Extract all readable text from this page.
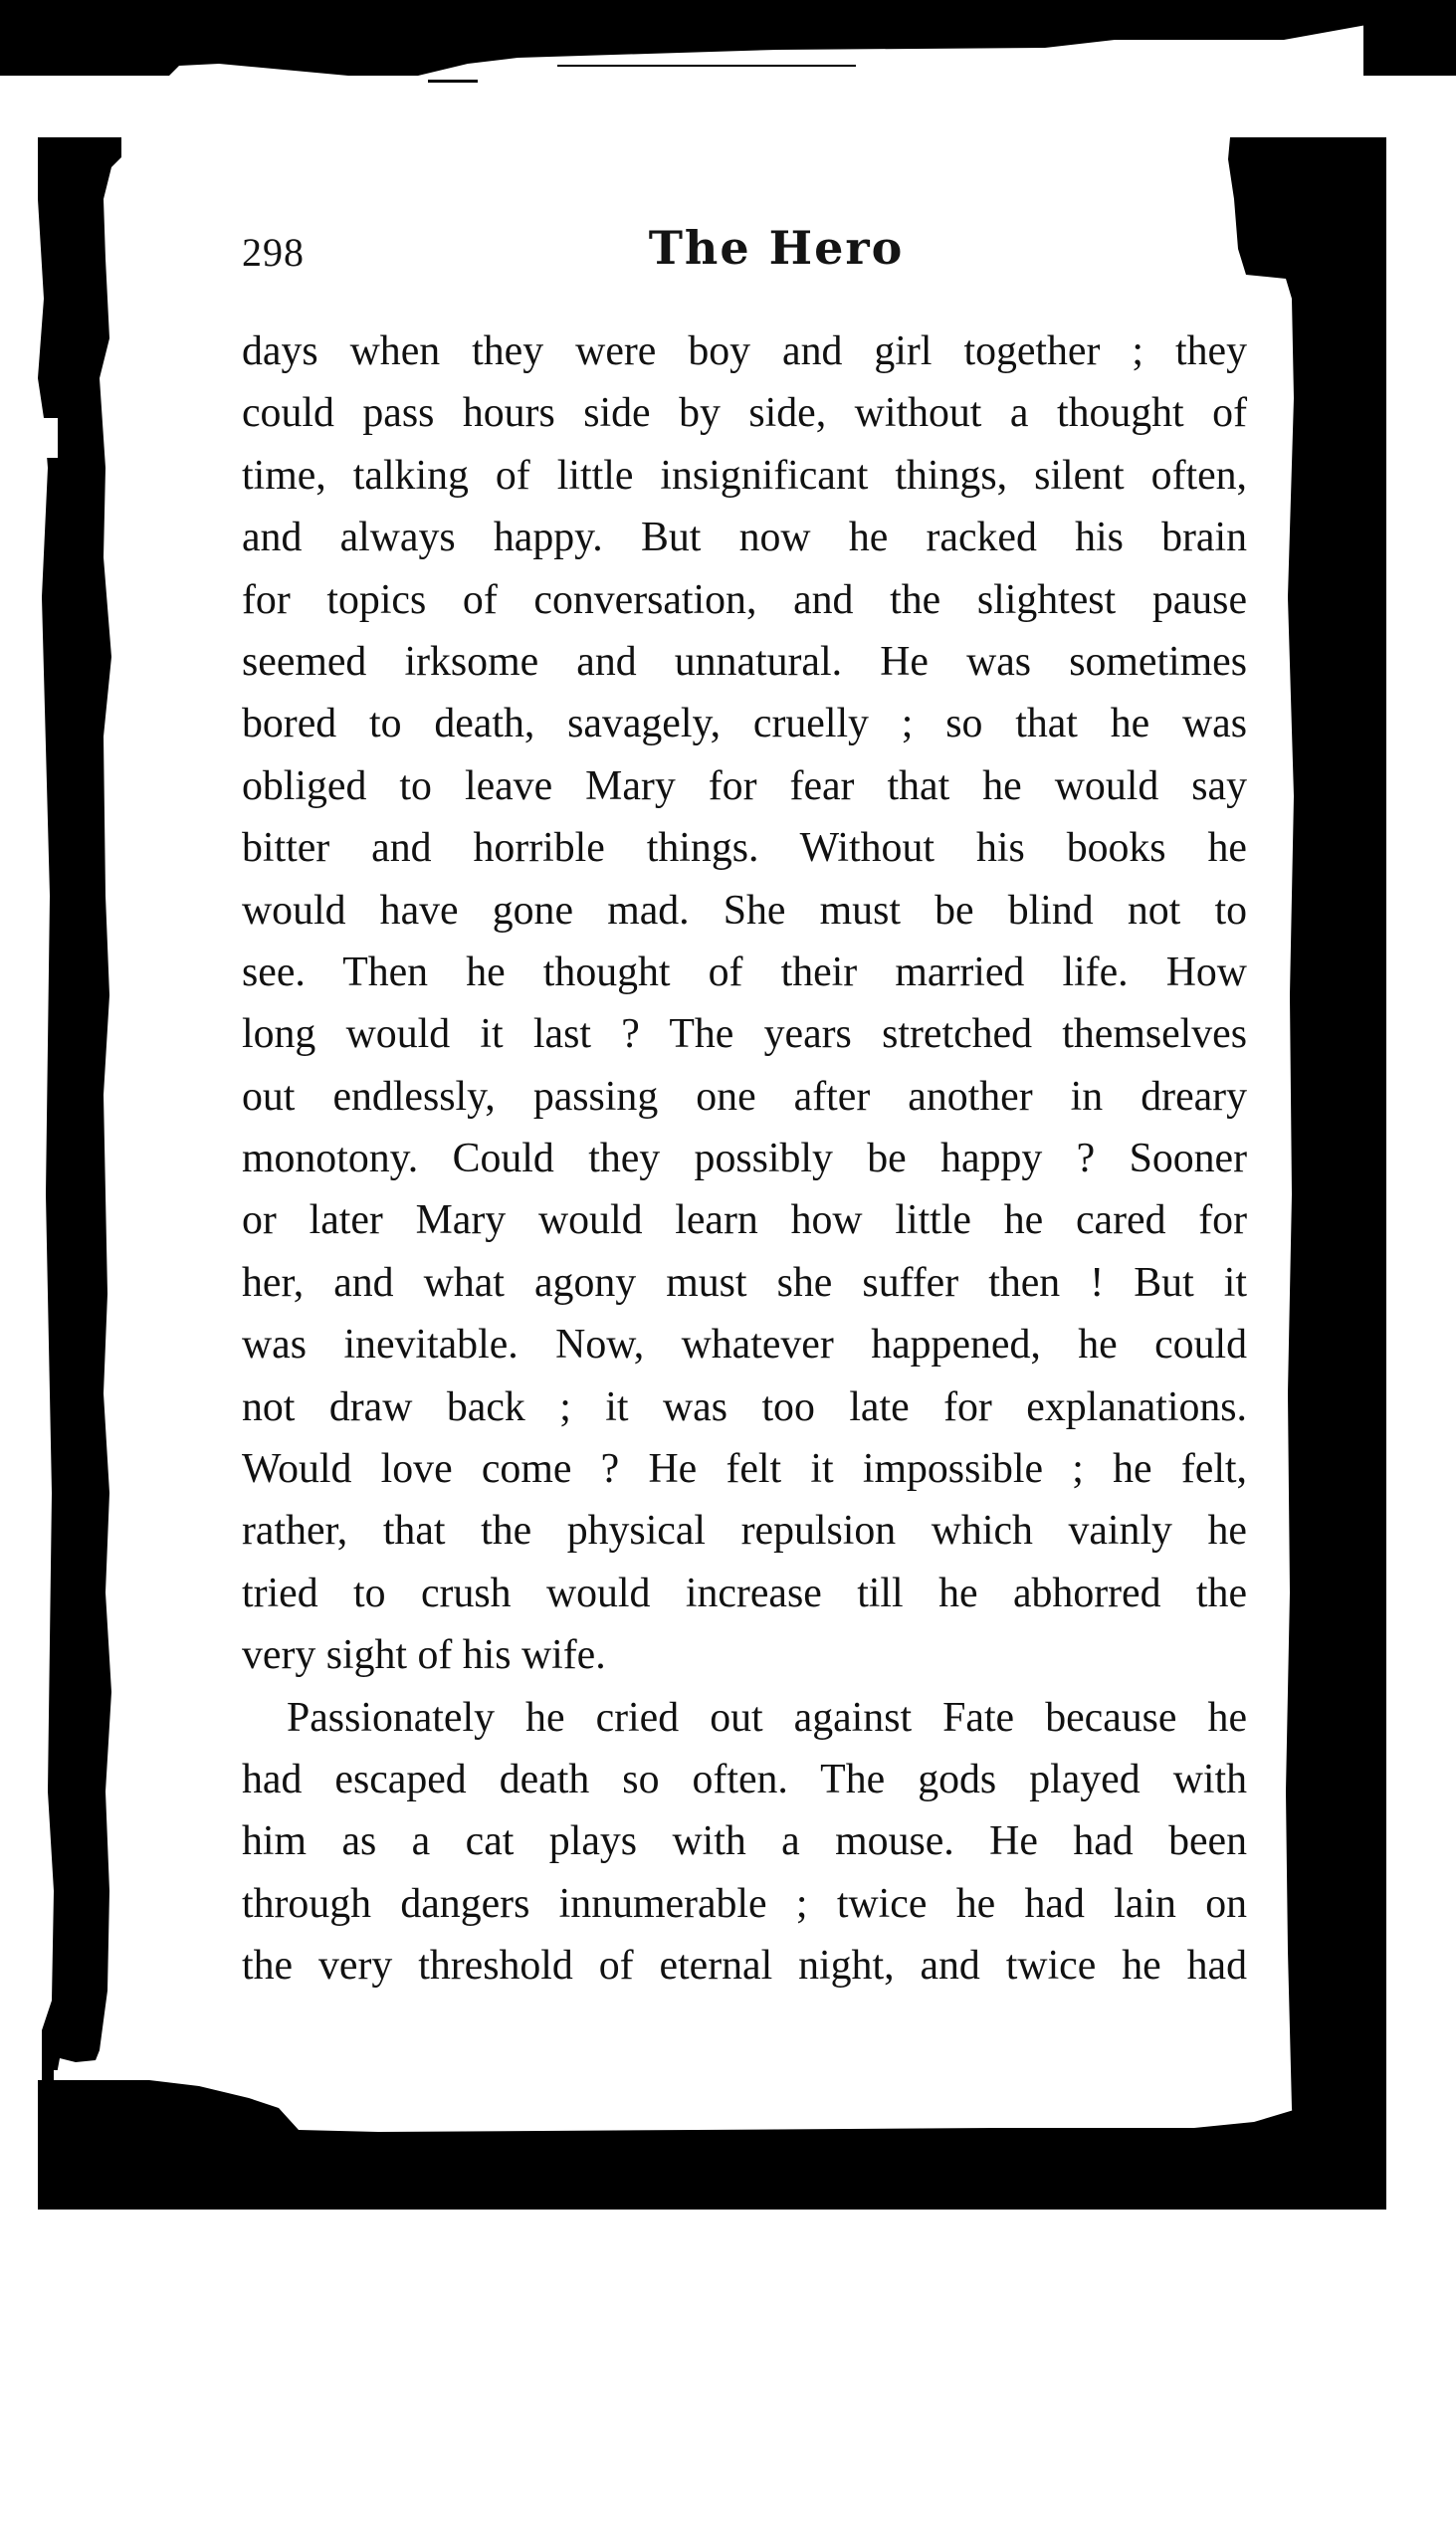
298	The Hero
days when they were boy and girl together ; they
could pass hours side by side, without a thought of
time, talking of little insignificant things, silent often,
and always happy. But now he racked his brain
for topics of conversation, and the slightest pause
seemed irksome and unnatural. He was sometimes
bored to death, savagely, cruelly ; so that he was
obliged to leave Mary for fear that he would say
bitter and horrible things. Without his books he
would have gone mad. She must be blind not to
see. Then he thought of their married life. How
long would it last ? The years stretched themselves
out endlessly, passing one after another in dreary
monotony. Could they possibly be happy ? Sooner
or later Mary would learn how little he cared for
her, and what agony must she suffer then ! But it
was inevitable. Now, whatever happened, he could
not draw back ; it was too late for explanations.
Would love come ? He felt it impossible ; he felt,
rather, that the physical repulsion which vainly he
tried to crush would increase till he abhorred the
very sight of his wife.
Passionately he cried out against Fate because he
had escaped death so often. The gods played with
him as a cat plays with a mouse. He had been
through dangers innumerable ; twice he had lain on
the very threshold of eternal night, and twice he had
